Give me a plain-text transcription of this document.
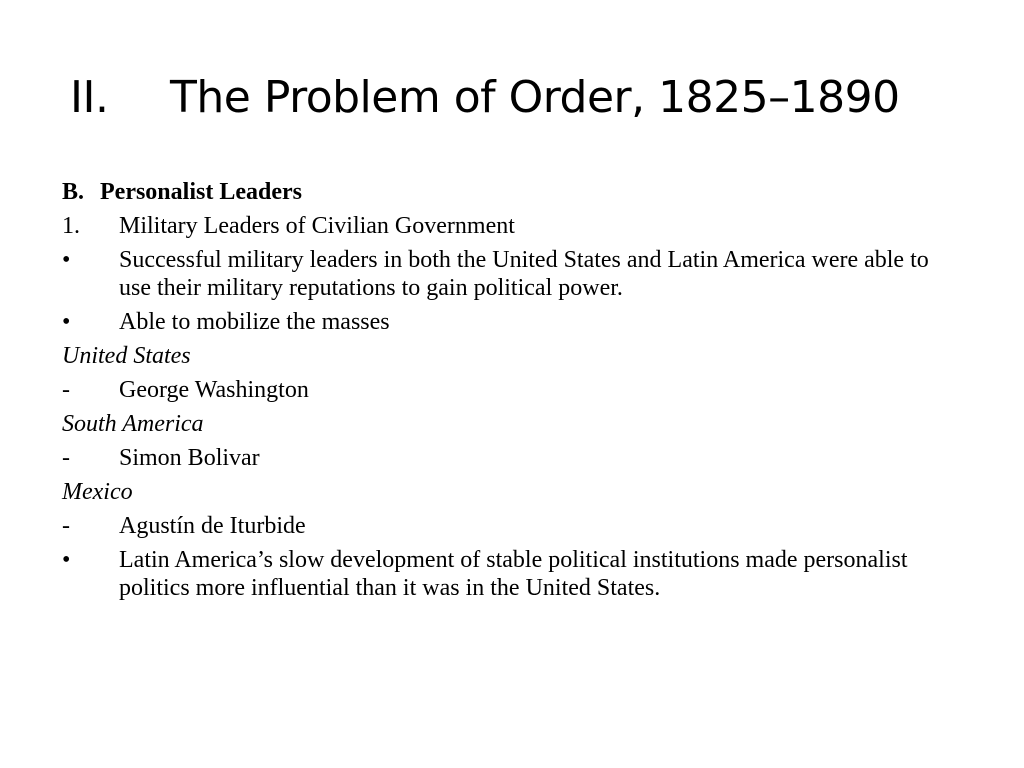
II. The Problem of Order, 1825–1890
B. Personalist Leaders
1.	Military Leaders of Civilian Government
•	Successful military leaders in both the United States and Latin America were able to use their military reputations to gain political power.
•	Able to mobilize the masses
United States
-	George Washington
South America
-	Simon Bolivar
Mexico
-	Agustín de Iturbide
•	Latin America’s slow development of stable political institutions made personalist politics more influential than it was in the United States.
